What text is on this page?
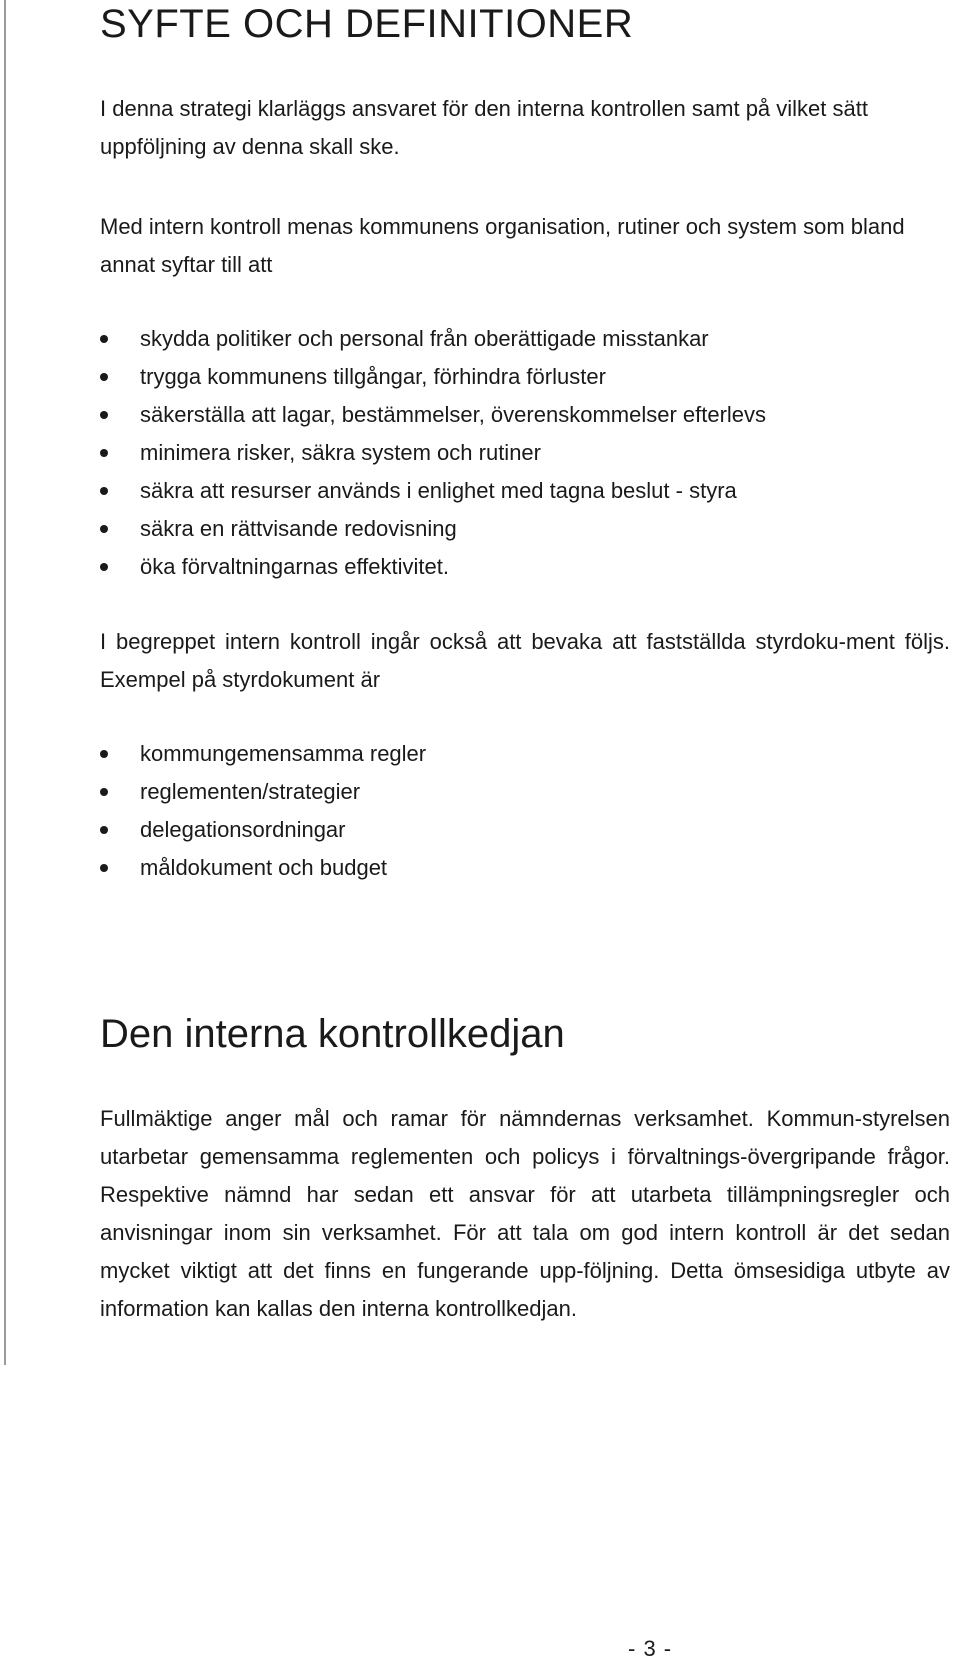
SYFTE OCH DEFINITIONER

I denna strategi klarläggs ansvaret för den interna kontrollen samt på vilket sätt uppföljning av denna skall ske.

Med intern kontroll menas kommunens organisation, rutiner och system som bland annat syftar till att

skydda politiker och personal från oberättigade misstankar
trygga kommunens tillgångar, förhindra förluster
säkerställa att lagar, bestämmelser, överenskommelser efterlevs
minimera risker, säkra system och rutiner
säkra att resurser används i enlighet med tagna beslut - styra
säkra en rättvisande redovisning
öka förvaltningarnas effektivitet.

I begreppet intern kontroll ingår också att bevaka att fastställda styrdoku-ment följs. Exempel på styrdokument är

kommungemensamma regler
reglementen/strategier
delegationsordningar
måldokument och budget
Den interna kontrollkedjan

Fullmäktige anger mål och ramar för nämndernas verksamhet. Kommun-styrelsen utarbetar gemensamma reglementen och policys i förvaltnings-övergripande frågor. Respektive nämnd har sedan ett ansvar för att utarbeta tillämpningsregler och anvisningar inom sin verksamhet. För att tala om god intern kontroll är det sedan mycket viktigt att det finns en fungerande upp-följning. Detta ömsesidiga utbyte av information kan kallas den interna kontrollkedjan.

- 3 -
